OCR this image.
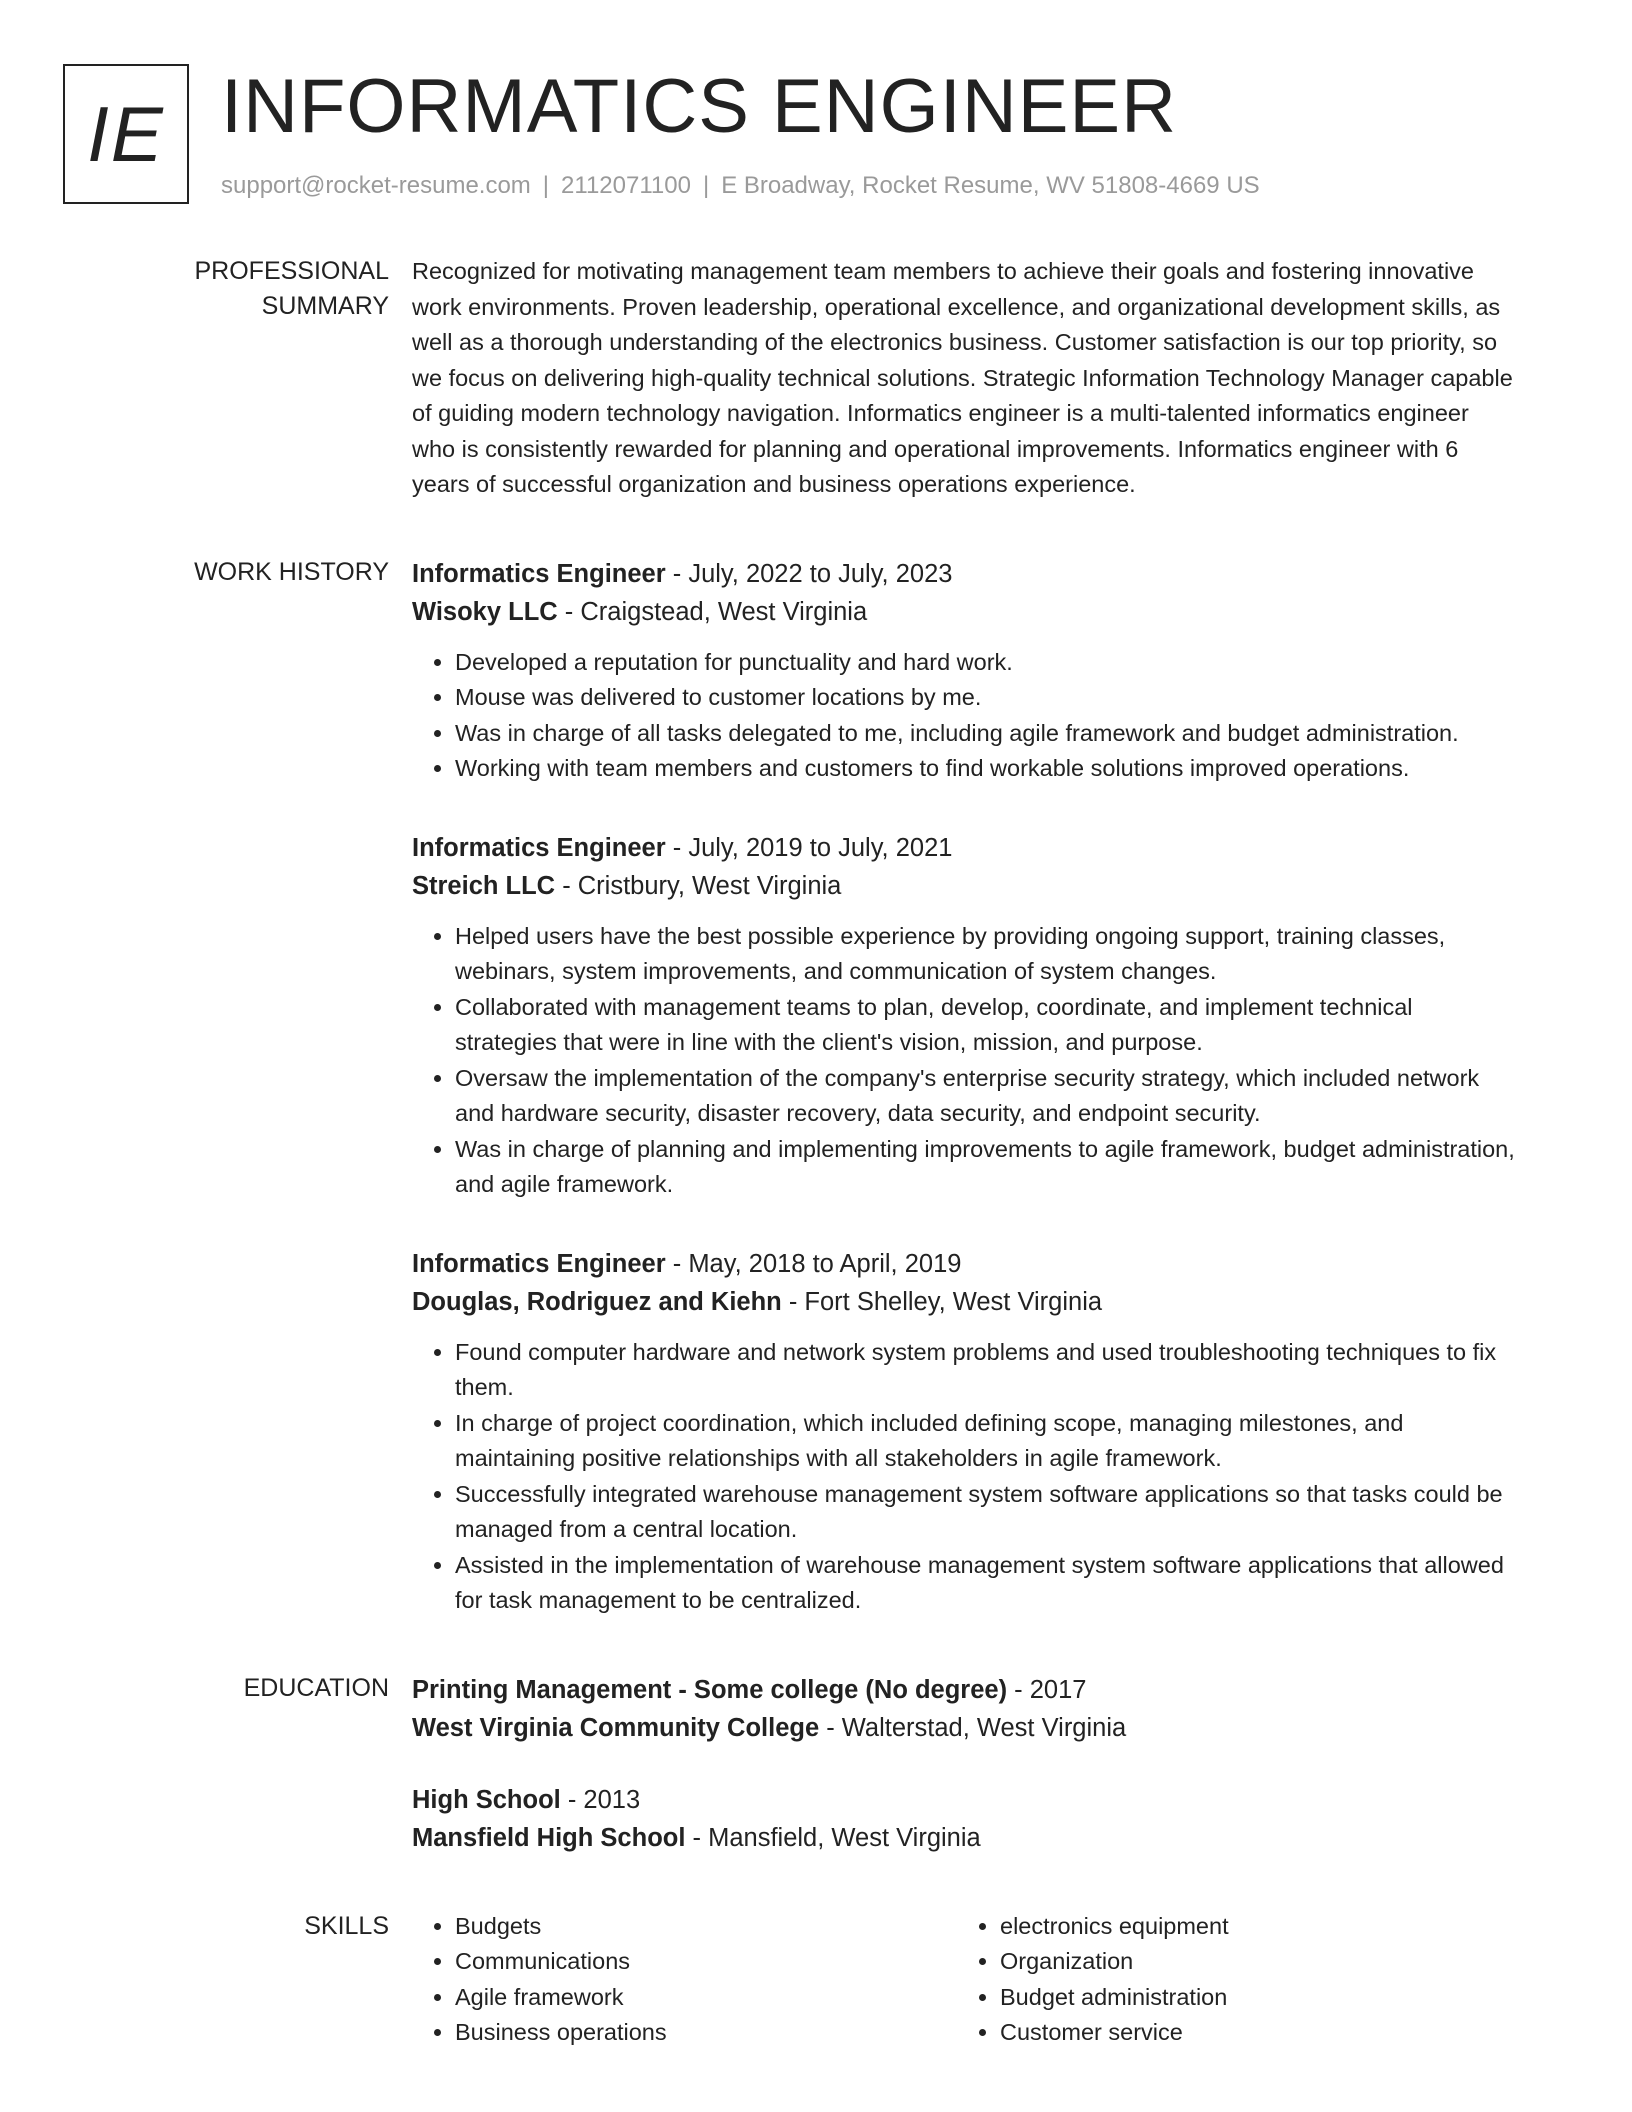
IE INFORMATICS ENGINEER
support@rocket-resume.com | 2112071100 | E Broadway, Rocket Resume, WV 51808-4669 US
PROFESSIONAL SUMMARY

Recognized for motivating management team members to achieve their goals and fostering innovative work environments. Proven leadership, operational excellence, and organizational development skills, as well as a thorough understanding of the electronics business. Customer satisfaction is our top priority, so we focus on delivering high-quality technical solutions. Strategic Information Technology Manager capable of guiding modern technology navigation. Informatics engineer is a multi-talented informatics engineer who is consistently rewarded for planning and operational improvements. Informatics engineer with 6 years of successful organization and business operations experience.

WORK HISTORY Informatics Engineer - July, 2022 to July, 2023
Wisoky LLC - Craigstead, West Virginia
• Developed a reputation for punctuality and hard work.
• Mouse was delivered to customer locations by me.
• Was in charge of all tasks delegated to me, including agile framework and budget administration.
• Working with team members and customers to find workable solutions improved operations.
Informatics Engineer - July, 2019 to July, 2021
Streich LLC - Cristbury, West Virginia
• Helped users have the best possible experience by providing ongoing support, training classes, webinars, system improvements, and communication of system changes.
• Collaborated with management teams to plan, develop, coordinate, and implement technical strategies that were in line with the client's vision, mission, and purpose.
• Oversaw the implementation of the company's enterprise security strategy, which included network and hardware security, disaster recovery, data security, and endpoint security.
• Was in charge of planning and implementing improvements to agile framework, budget administration, and agile framework.
Informatics Engineer - May, 2018 to April, 2019
Douglas, Rodriguez and Kiehn - Fort Shelley, West Virginia
• Found computer hardware and network system problems and used troubleshooting techniques to fix them.
• In charge of project coordination, which included defining scope, managing milestones, and maintaining positive relationships with all stakeholders in agile framework.
• Successfully integrated warehouse management system software applications so that tasks could be managed from a central location.
• Assisted in the implementation of warehouse management system software applications that allowed for task management to be centralized.
EDUCATION Printing Management - Some college (No degree) - 2017
West Virginia Community College - Walterstad, West Virginia
High School - 2013
Mansfield High School - Mansfield, West Virginia
SKILLS
•	Budgets
• Communications
• Agile framework
• Business operations
• electronics equipment
• Organization
• Budget administration
• Customer service
